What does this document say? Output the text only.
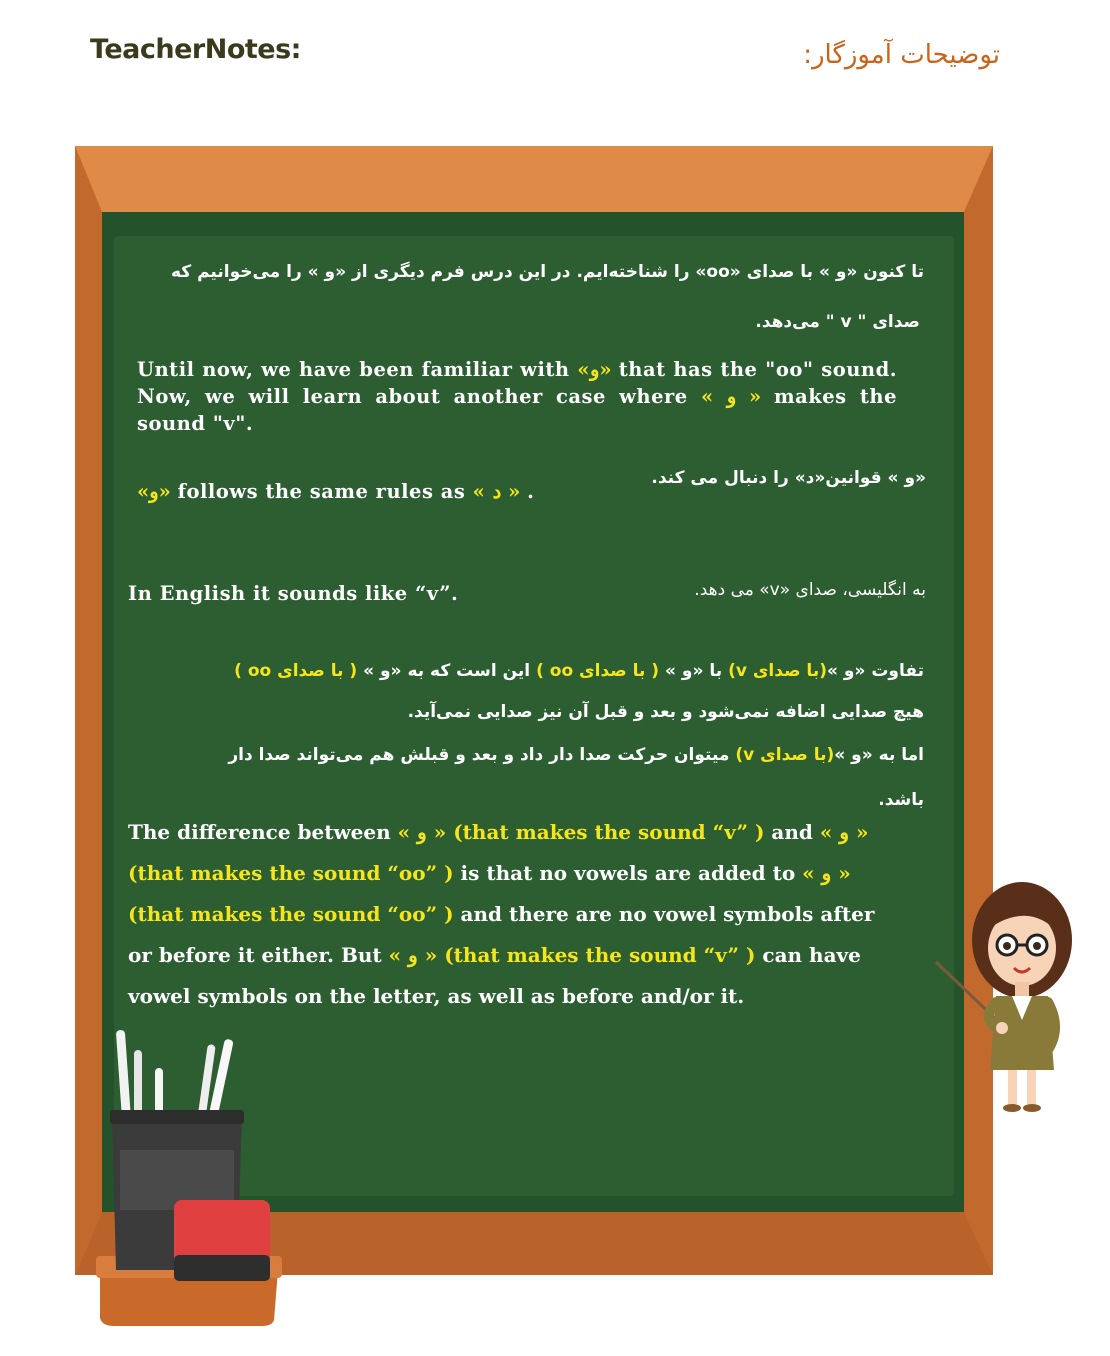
TeacherNotes:	توضیحات آموزگار:
تا کنون «و » با صدای «oo» را شناخته‌ایم. در این درس فرم دیگری از «و » را می‌خوانیم که
صدای " v " می‌دهد.
Until now, we have been familiar with «و» that has the "oo" sound. Now, we will learn about another case where « و » makes the sound "v".
«و » قوانین«د» را دنبال می کند.
«و» follows the same rules as « د » .
In English it sounds like “v”.	به انگلیسی، صدای «v» می دهد.
تفاوت «و »(با صدای v) با «و » ( با صدای oo ) این است که به «و » ( با صدای oo )
هیچ صدایی اضافه نمی‌شود و بعد و قبل آن نیز صدایی نمی‌آید.
اما به «و »(با صدای v) میتوان حرکت صدا دار داد و بعد و قبلش هم می‌تواند صدا دار
باشد.
The difference between « و » (that makes the sound “v” ) and « و »
(that makes the sound “oo” ) is that no vowels are added to « و » (that makes the sound “oo” ) and there are no vowel symbols after or before it either. But « و » (that makes the sound “v” ) can have vowel symbols on the letter, as well as before and/or it.
